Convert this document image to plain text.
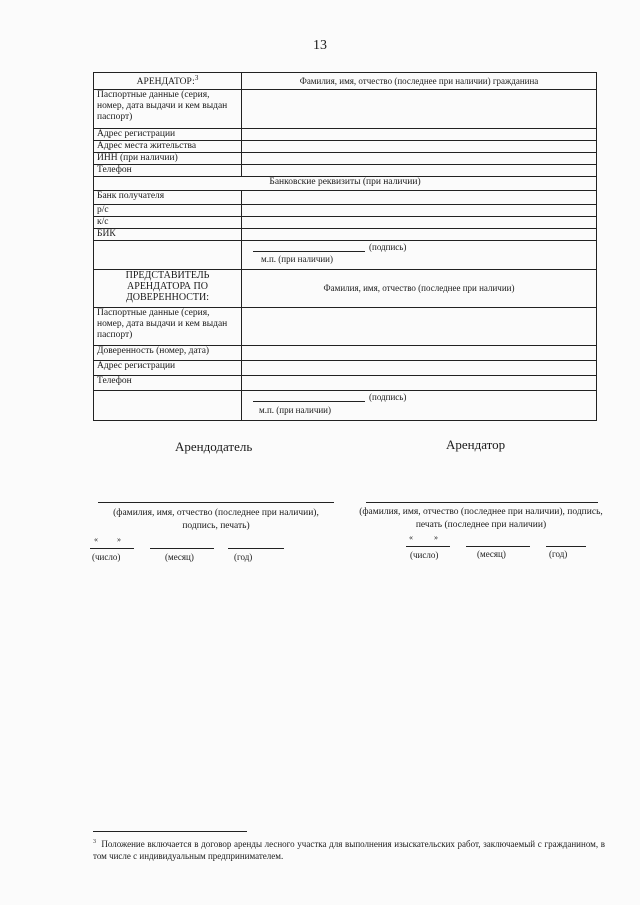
13
АРЕНДАТОР:$^3$	Фамилия, имя, отчество (последнее при наличии) гражданина
Паспортные данные (серия, номер, дата выдачи и кем выдан паспорт)	
Адрес регистрации	
Адрес места жительства	
ИНН (при наличии)	
Телефон	
Банковские реквизиты (при наличии)	
Банк получателя	
р/с	
к/с	
БИК	

	(подпись)
м.п. (при наличии)

ПРЕДСТАВИТЕЛЬ АРЕНДАТОРА ПО ДОВЕРЕННОСТИ:	Фамилия, имя, отчество (последнее при наличии)
Паспортные данные (серия, номер, дата выдачи и кем выдан паспорт)	
Доверенность (номер, дата)	
Адрес регистрации	
Телефон	

	(подпись)
м.п. (при наличии)
Арендодатель
(фамилия, имя, отчество (последнее при наличии), подпись, печать)
« »
(число)	(месяц)	(год)
Арендатор
(фамилия, имя, отчество (последнее при наличии), подпись, печать (последнее при наличии)
«	»
(число)	(месяц)	(год)
$^3$ Положение включается в договор аренды лесного участка для выполнения изыскательских работ, заключаемый с гражданином, в том числе с индивидуальным предпринимателем.
